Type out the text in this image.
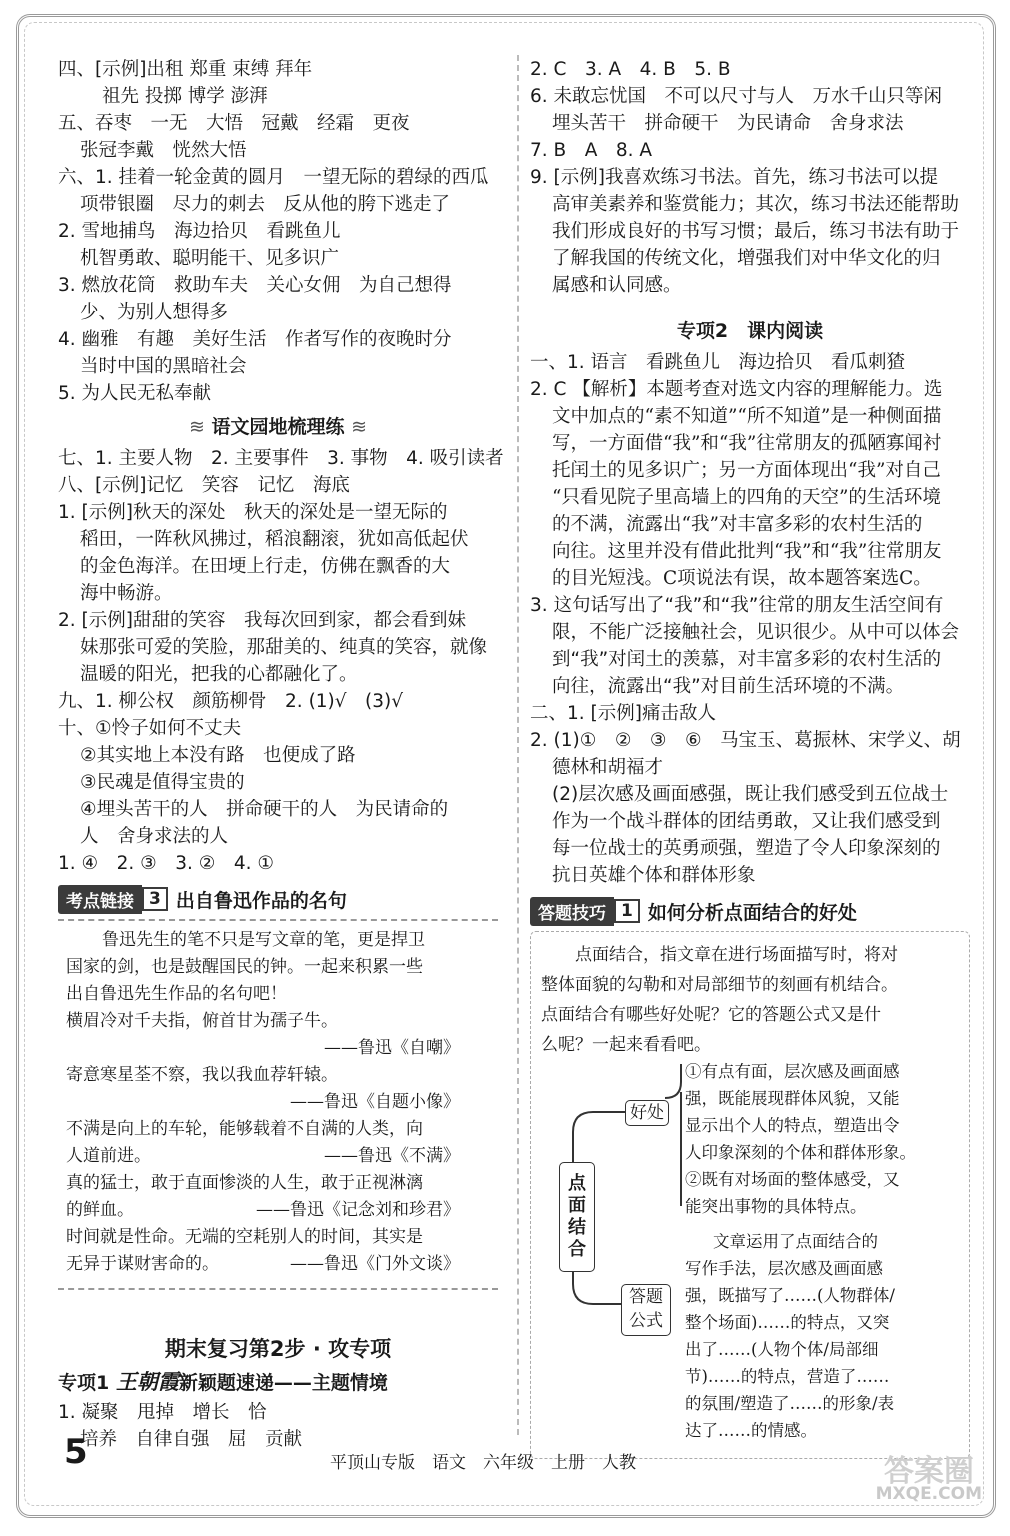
四、[示例]出租 郑重 束缚 拜年
祖先 投掷 博学 澎湃
五、吞枣　一无　大悟　冠戴　经霜　更夜
张冠李戴　恍然大悟
六、1. 挂着一轮金黄的圆月　一望无际的碧绿的西瓜
项带银圈　尽力的刺去　反从他的胯下逃走了
2. 雪地捕鸟　海边拾贝　看跳鱼儿
机智勇敢、聪明能干、见多识广
3. 燃放花筒　救助车夫　关心女佣　为自己想得
少、为别人想得多
4. 幽雅　有趣　美好生活　作者写作的夜晚时分
当时中国的黑暗社会
5. 为人民无私奉献
≋ 语文园地梳理练 ≋
七、1. 主要人物　2. 主要事件　3. 事物　4. 吸引读者
八、[示例]记忆　笑容　记忆　海底
1. [示例]秋天的深处　秋天的深处是一望无际的
稻田，一阵秋风拂过，稻浪翻滚，犹如高低起伏
的金色海洋。在田埂上行走，仿佛在飘香的大
海中畅游。
2. [示例]甜甜的笑容　我每次回到家，都会看到妹
妹那张可爱的笑脸，那甜美的、纯真的笑容，就像
温暖的阳光，把我的心都融化了。
九、1. 柳公权　颜筋柳骨　2. (1)√　(3)√
十、①怜子如何不丈夫
②其实地上本没有路　也便成了路
③民魂是值得宝贵的
④埋头苦干的人　拼命硬干的人　为民请命的
人　舍身求法的人
1. ④　2. ③　3. ②　4. ①
考点链接 3 出自鲁迅作品的名句
鲁迅先生的笔不只是写文章的笔，更是捍卫
国家的剑，也是鼓醒国民的钟。一起来积累一些
出自鲁迅先生作品的名句吧！
横眉冷对千夫指，俯首甘为孺子牛。
——鲁迅《自嘲》
寄意寒星荃不察，我以我血荐轩辕。
——鲁迅《自题小像》
不满是向上的车轮，能够载着不自满的人类，向
人道前进。	——鲁迅《不满》
真的猛士，敢于直面惨淡的人生，敢于正视淋漓
的鲜血。	——鲁迅《记念刘和珍君》
时间就是性命。无端的空耗别人的时间，其实是
无异于谋财害命的。	——鲁迅《门外文谈》
期末复习第2步 · 攻专项
专项1 王朝霞新颖题速递——主题情境
1. 凝聚　甩掉　增长　恰
培养　自律自强　屈　贡献
2. C　3. A　4. B　5. B
6. 未敢忘忧国　不可以尺寸与人　万水千山只等闲
埋头苦干　拼命硬干　为民请命　舍身求法
7. B　A　8. A
9. [示例]我喜欢练习书法。首先，练习书法可以提
高审美素养和鉴赏能力；其次，练习书法还能帮助
我们形成良好的书写习惯；最后，练习书法有助于
了解我国的传统文化，增强我们对中华文化的归
属感和认同感。
专项2　课内阅读
一、1. 语言　看跳鱼儿　海边拾贝　看瓜刺猹
2. C 【解析】本题考查对选文内容的理解能力。选
文中加点的“素不知道”“所不知道”是一种侧面描
写，一方面借“我”和“我”往常朋友的孤陋寡闻衬
托闰土的见多识广；另一方面体现出“我”对自己
“只看见院子里高墙上的四角的天空”的生活环境
的不满，流露出“我”对丰富多彩的农村生活的
向往。这里并没有借此批判“我”和“我”往常朋友
的目光短浅。C项说法有误，故本题答案选C。
3. 这句话写出了“我”和“我”往常的朋友生活空间有
限，不能广泛接触社会，见识很少。从中可以体会
到“我”对闰土的羡慕，对丰富多彩的农村生活的
向往，流露出“我”对目前生活环境的不满。
二、1. [示例]痛击敌人
2. (1)①　②　③　⑥　马宝玉、葛振林、宋学义、胡
德林和胡福才
(2)层次感及画面感强，既让我们感受到五位战士
作为一个战斗群体的团结勇敢，又让我们感受到
每一位战士的英勇顽强，塑造了令人印象深刻的
抗日英雄个体和群体形象
答题技巧 1 如何分析点面结合的好处
点面结合，指文章在进行场面描写时，将对
整体面貌的勾勒和对局部细节的刻画有机结合。
点面结合有哪些好处呢？它的答题公式又是什
么呢？一起来看看吧。
好处
答题公式
点面结合
①有点有面，层次感及画面感
强，既能展现群体风貌，又能
显示出个人的特点，塑造出令
人印象深刻的个体和群体形象。
②既有对场面的整体感受，又
能突出事物的具体特点。
文章运用了点面结合的
写作手法，层次感及画面感
强，既描写了……(人物群体/
整个场面)……的特点，又突
出了……(人物个体/局部细
节)……的特点，营造了……
的氛围/塑造了……的形象/表
达了……的情感。
5	平顶山专版　语文　六年级　上册　人教	答案圈
MXQE.COM
